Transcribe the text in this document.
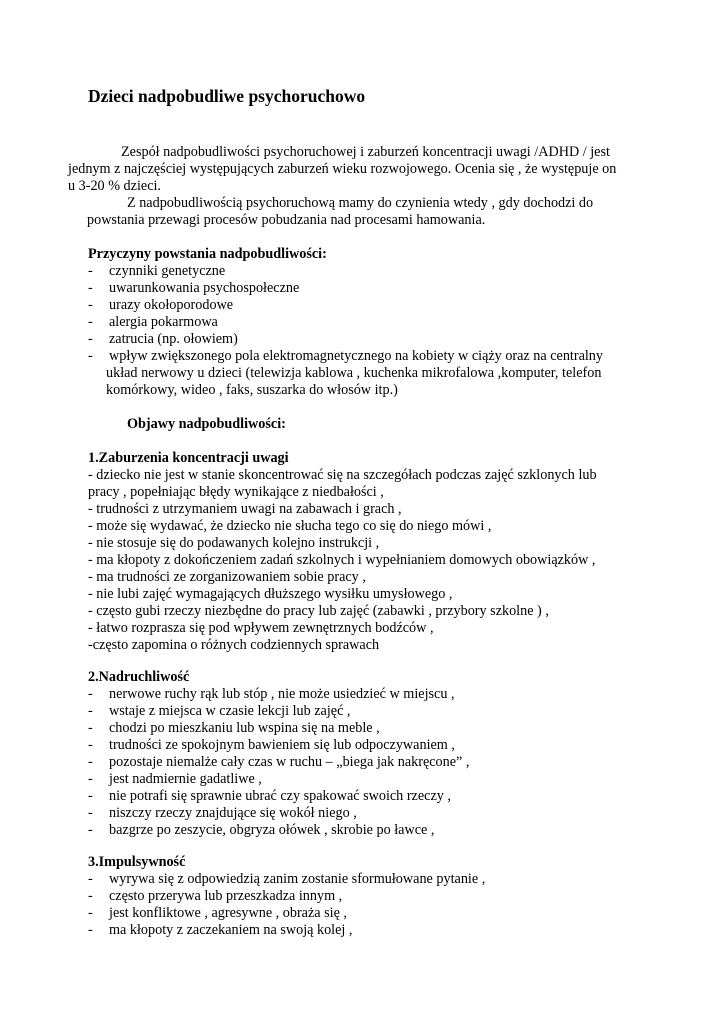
Dzieci nadpobudliwe psychoruchowo

Zespół nadpobudliwości psychoruchowej i zaburzeń koncentracji uwagi /ADHD / jest

jednym z najczęściej występujących zaburzeń wieku rozwojowego. Ocenia się , że występuje on

u 3-20 % dzieci.

Z nadpobudliwością psychoruchową mamy do czynienia wtedy , gdy dochodzi do

powstania przewagi procesów pobudzania nad procesami hamowania.

Przyczyny powstania nadpobudliwości:

- czynniki genetyczne
- uwarunkowania psychospołeczne
- urazy okołoporodowe
- alergia pokarmowa
- zatrucia (np. ołowiem)
- wpływ zwiększonego pola elektromagnetycznego na kobiety w ciąży oraz na centralny

układ nerwowy u dzieci (telewizja kablowa , kuchenka mikrofalowa ,komputer, telefon

komórkowy, wideo , faks, suszarka do włosów itp.)

Objawy nadpobudliwości:

1.Zaburzenia koncentracji uwagi

- dziecko nie jest w stanie skoncentrować się na szczegółach podczas zajęć szklonych lub

pracy , popełniając błędy wynikające z niedbałości ,

- trudności z utrzymaniem uwagi na zabawach i grach ,

- może się wydawać, że dziecko nie słucha tego co się do niego mówi ,

- nie stosuje się do podawanych kolejno instrukcji ,

- ma kłopoty z dokończeniem zadań szkolnych i wypełnianiem domowych obowiązków ,

- ma trudności ze zorganizowaniem sobie pracy ,

- nie lubi zajęć wymagających dłuższego wysiłku umysłowego ,

- często gubi rzeczy niezbędne do pracy lub zajęć (zabawki , przybory szkolne ) ,

- łatwo rozprasza się pod wpływem zewnętrznych bodźców ,

-często zapomina o różnych codziennych sprawach

2.Nadruchliwość

- nerwowe ruchy rąk lub stóp , nie może usiedzieć w miejscu ,
- wstaje z miejsca w czasie lekcji lub zajęć ,
- chodzi po mieszkaniu lub wspina się na meble ,
- trudności ze spokojnym bawieniem się lub odpoczywaniem ,
- pozostaje niemalże cały czas w ruchu – „biega jak nakręcone” ,
- jest nadmiernie gadatliwe ,
- nie potrafi się sprawnie ubrać czy spakować swoich rzeczy ,
- niszczy rzeczy znajdujące się wokół niego ,
- bazgrze po zeszycie, obgryza ołówek , skrobie po ławce ,

3.Impulsywność

- wyrywa się z odpowiedzią zanim zostanie sformułowane pytanie ,
- często przerywa lub przeszkadza innym ,
- jest konfliktowe , agresywne , obraża się ,
- ma kłopoty z zaczekaniem na swoją kolej ,
